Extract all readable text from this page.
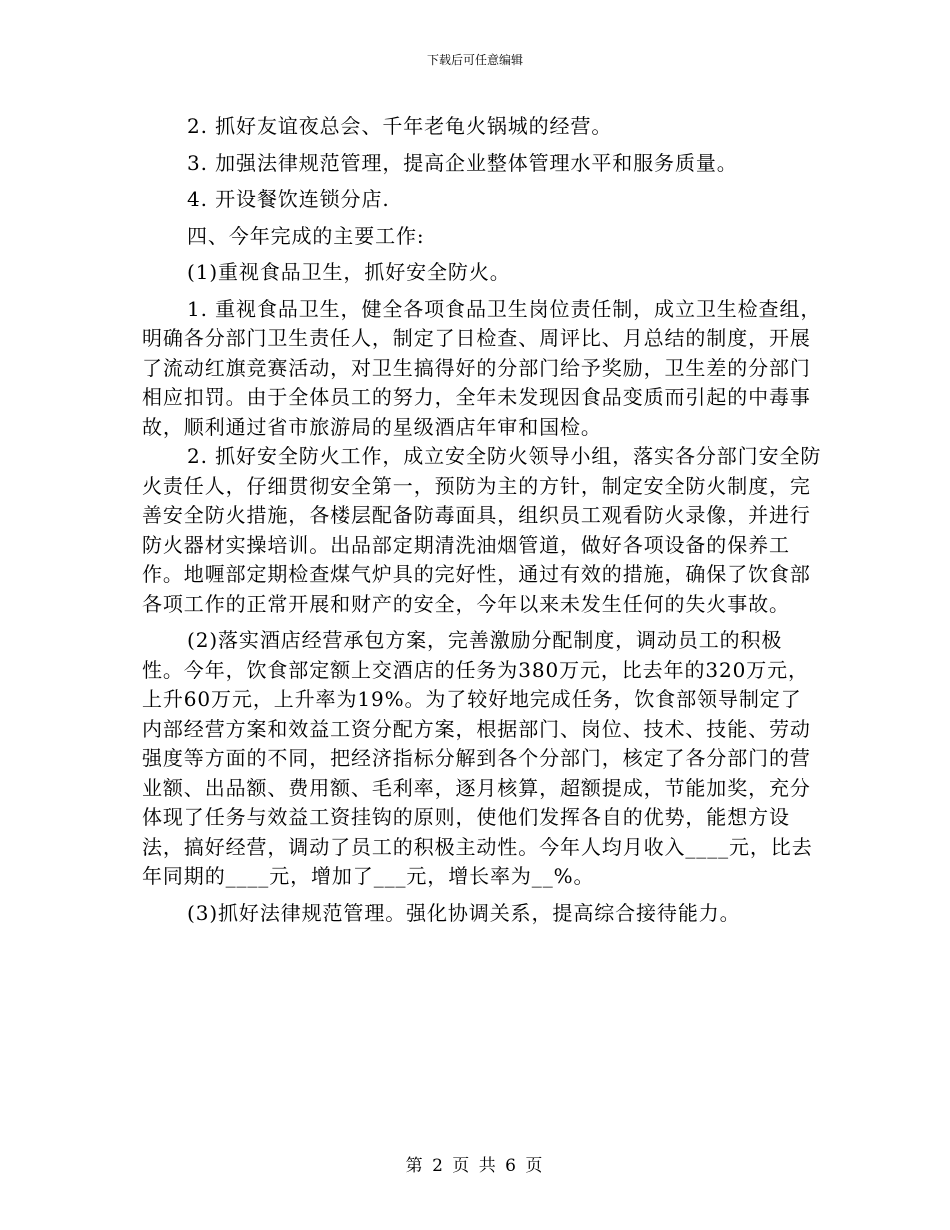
下载后可任意编辑

2. 抓好友谊夜总会、千年老龟火锅城的经营。

3. 加强法律规范管理，提高企业整体管理水平和服务质量。

4. 开设餐饮连锁分店.

四、今年完成的主要工作:

(1)重视食品卫生，抓好安全防火。

1. 重视食品卫生，健全各项食品卫生岗位责任制，成立卫生检查组，明确各分部门卫生责任人，制定了日检查、周评比、月总结的制度，开展了流动红旗竞赛活动，对卫生搞得好的分部门给予奖励，卫生差的分部门相应扣罚。由于全体员工的努力，全年未发现因食品变质而引起的中毒事故，顺利通过省市旅游局的星级酒店年审和国检。

2. 抓好安全防火工作，成立安全防火领导小组，落实各分部门安全防火责任人，仔细贯彻安全第一，预防为主的方针，制定安全防火制度，完善安全防火措施，各楼层配备防毒面具，组织员工观看防火录像，并进行防火器材实操培训。出品部定期清洗油烟管道，做好各项设备的保养工作。地喱部定期检查煤气炉具的完好性，通过有效的措施，确保了饮食部各项工作的正常开展和财产的安全，今年以来未发生任何的失火事故。

(2)落实酒店经营承包方案，完善激励分配制度，调动员工的积极性。今年，饮食部定额上交酒店的任务为380万元，比去年的320万元，上升60万元，上升率为19%。为了较好地完成任务，饮食部领导制定了内部经营方案和效益工资分配方案，根据部门、岗位、技术、技能、劳动强度等方面的不同，把经济指标分解到各个分部门，核定了各分部门的营业额、出品额、费用额、毛利率，逐月核算，超额提成，节能加奖，充分体现了任务与效益工资挂钩的原则，使他们发挥各自的优势，能想方设法，搞好经营，调动了员工的积极主动性。今年人均月收入____元，比去年同期的____元，增加了___元，增长率为__%。

(3)抓好法律规范管理。强化协调关系，提高综合接待能力。

第 2 页 共 6 页
